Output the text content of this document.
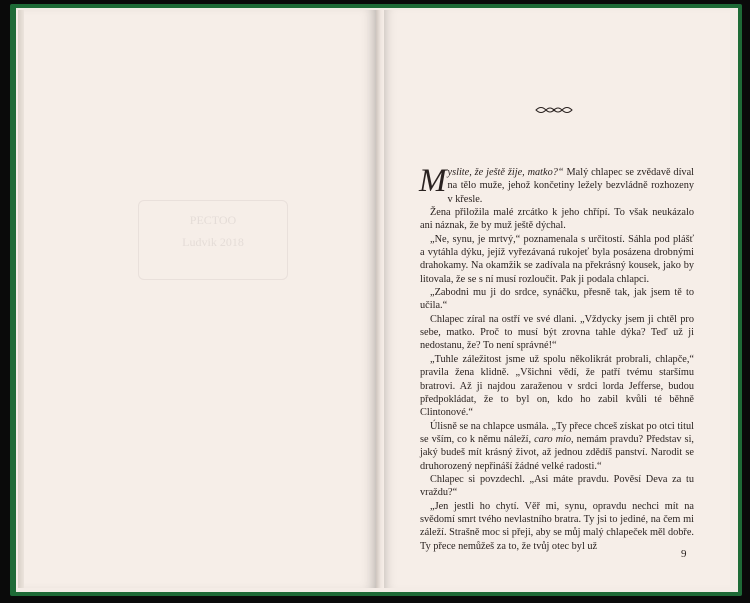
PECTOO
Ludvik 2018

Myslite, že ještě žije, matko?“ Malý chlapec se zvědavě díval na tělo muže, jehož končetiny ležely bezvládně rozhozeny v křesle.

Žena přiložila malé zrcátko k jeho chřípí. To však neukázalo ani náznak, že by muž ještě dýchal.

„Ne, synu, je mrtvý,“ poznamenala s určitostí. Sáhla pod plášť a vytáhla dýku, jejíž vyřezávaná rukojeť byla posázena drobnými drahokamy. Na okamžik se zadívala na překrásný kousek, jako by litovala, že se s ní musí rozloučit. Pak ji podala chlapci.

„Zabodni mu ji do srdce, synáčku, přesně tak, jak jsem tě to učila.“

Chlapec zíral na ostří ve své dlani. „Vždycky jsem ji chtěl pro sebe, matko. Proč to musí být zrovna tahle dýka? Teď už ji nedostanu, že? To není správné!“

„Tuhle záležitost jsme už spolu několikrát probrali, chlapče,“ pravila žena klidně. „Všichni vědí, že patří tvému staršímu bratrovi. Až ji najdou zaraženou v srdci lorda Jefferse, budou předpokládat, že to byl on, kdo ho zabil kvůli té běhně Clintonové.“

Úlisně se na chlapce usmála. „Ty přece chceš získat po otci titul se vším, co k němu náleží, caro mio, nemám pravdu? Představ si, jaký budeš mít krásný život, až jednou zdědíš panství. Narodit se druhorozený nepřináší žádné velké radosti.“

Chlapec si povzdechl. „Asi máte pravdu. Pověsí Deva za tu vraždu?“

„Jen jestli ho chytí. Věř mi, synu, opravdu nechci mít na svědomí smrt tvého nevlastního bratra. Ty jsi to jediné, na čem mi záleží. Strašně moc si přeji, aby se můj malý chlapeček měl dobře. Ty přece nemůžeš za to, že tvůj otec byl už

9
